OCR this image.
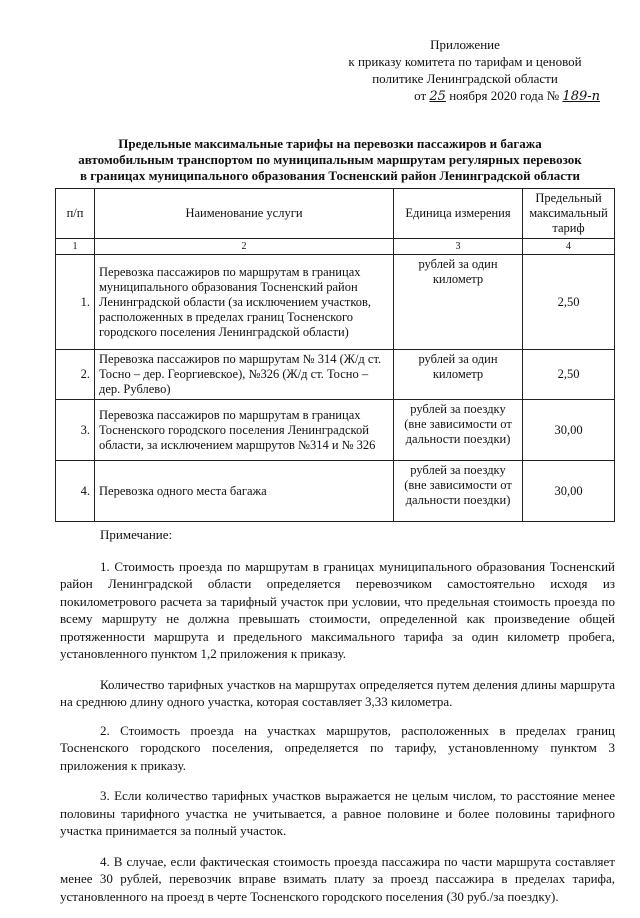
Приложение
к приказу комитета по тарифам и ценовой
политике Ленинградской области
от 25 ноября 2020 года № 189-п
Предельные максимальные тарифы на перевозки пассажиров и багажа
автомобильным транспортом по муниципальным маршрутам регулярных перевозок
в границах муниципального образования Тосненский район Ленинградской области
п/п	Наименование услуги	Единица измерения	Предельный максимальный тариф
1	2	3	4
1.	Перевозка пассажиров по маршрутам в границах муниципального образования Тосненский район Ленинградской области (за исключением участков, расположенных в пределах границ Тосненского городского поселения Ленинградской области)	рублей за один километр	2,50
2.	Перевозка пассажиров по маршрутам № 314 (Ж/д ст. Тосно – дер. Георгиевское), №326 (Ж/д ст. Тосно – дер. Рублево)	рублей за один километр	2,50
3.	Перевозка пассажиров по маршрутам в границах Тосненского городского поселения Ленинградской области, за исключением маршрутов №314 и № 326	рублей за поездку (вне зависимости от дальности поездки)	30,00
4.	Перевозка одного места багажа	рублей за поездку (вне зависимости от дальности поездки)	30,00
Примечание:

1. Стоимость проезда по маршрутам в границах муниципального образования Тосненский район Ленинградской области определяется перевозчиком самостоятельно исходя из покилометрового расчета за тарифный участок при условии, что предельная стоимость проезда по всему маршруту не должна превышать стоимости, определенной как произведение общей протяженности маршрута и предельного максимального тарифа за один километр пробега, установленного пунктом 1,2 приложения к приказу.

Количество тарифных участков на маршрутах определяется путем деления длины маршрута на среднюю длину одного участка, которая составляет 3,33 километра.

2. Стоимость проезда на участках маршрутов, расположенных в пределах границ Тосненского городского поселения, определяется по тарифу, установленному пунктом 3 приложения к приказу.

3. Если количество тарифных участков выражается не целым числом, то расстояние менее половины тарифного участка не учитывается, а равное половине и более половины тарифного участка принимается за полный участок.

4. В случае, если фактическая стоимость проезда пассажира по части маршрута составляет менее 30 рублей, перевозчик вправе взимать плату за проезд пассажира в пределах тарифа, установленного на проезд в черте Тосненского городского поселения (30 руб./за поездку).
